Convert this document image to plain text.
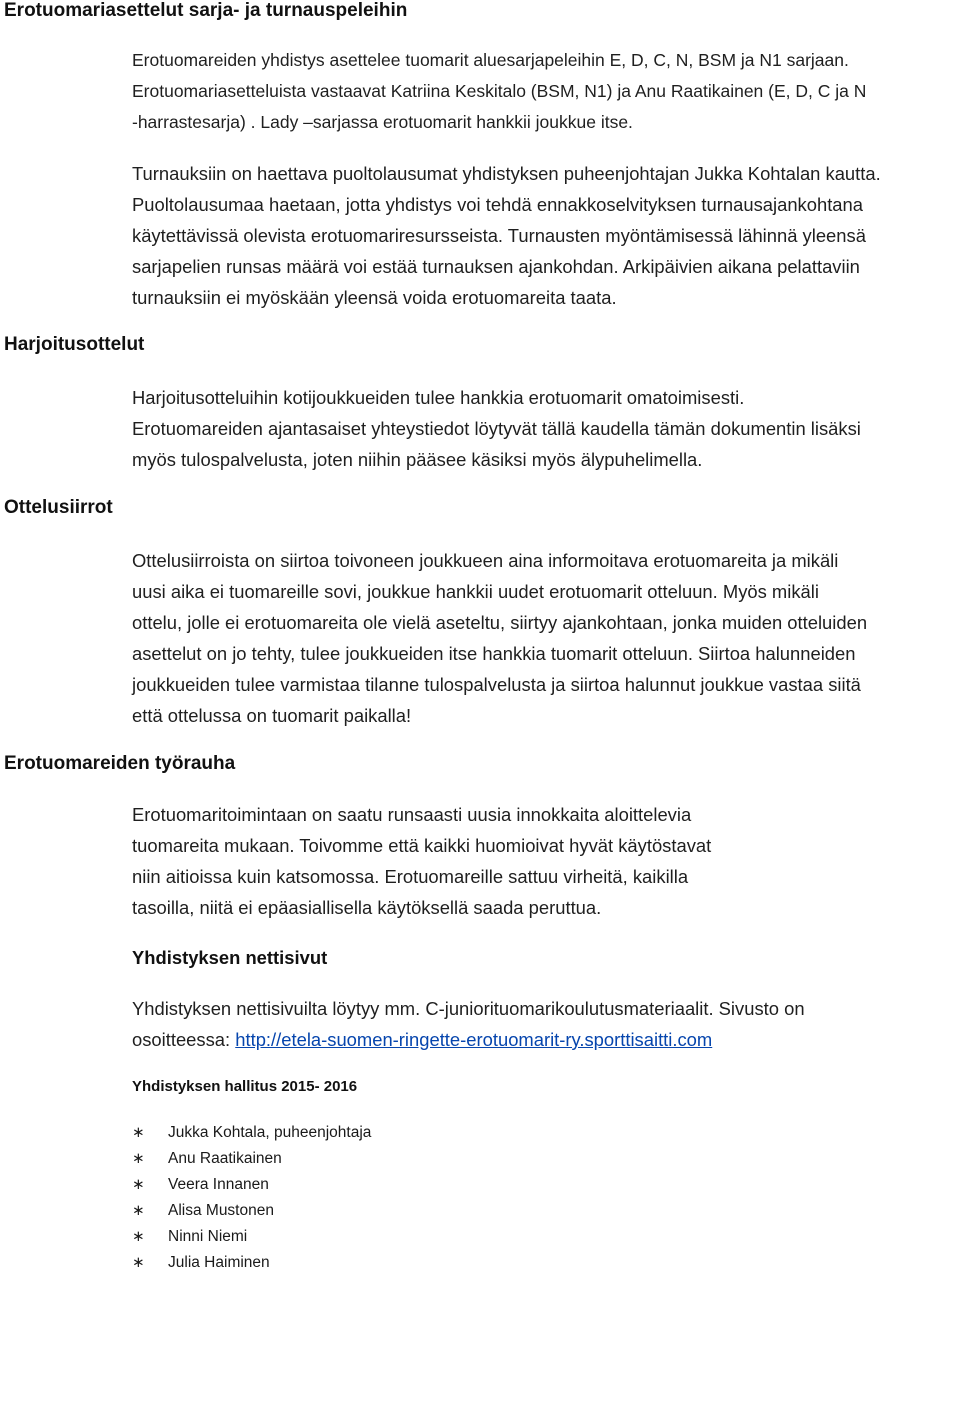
Erotuomariasettelut sarja- ja turnauspeleihin
Erotuomareiden yhdistys asettelee tuomarit aluesarjapeleihin E, D, C, N, BSM ja N1 sarjaan.
Erotuomariasetteluista vastaavat Katriina Keskitalo (BSM, N1) ja Anu Raatikainen (E, D, C ja N
-harrastesarja) . Lady –sarjassa erotuomarit hankkii joukkue itse.
Turnauksiin on haettava puoltolausumat yhdistyksen puheenjohtajan Jukka Kohtalan kautta.
Puoltolausumaa haetaan, jotta yhdistys voi tehdä ennakkoselvityksen turnausajankohtana
käytettävissä olevista erotuomariresursseista. Turnausten myöntämisessä lähinnä yleensä
sarjapelien runsas määrä voi estää turnauksen ajankohdan. Arkipäivien aikana pelattaviin
turnauksiin ei myöskään yleensä voida erotuomareita taata.
Harjoitusottelut
Harjoitusotteluihin kotijoukkueiden tulee hankkia erotuomarit omatoimisesti.
Erotuomareiden ajantasaiset yhteystiedot löytyvät tällä kaudella tämän dokumentin lisäksi
myös tulospalvelusta, joten niihin pääsee käsiksi myös älypuhelimella.
Ottelusiirrot
Ottelusiirroista on siirtoa toivoneen joukkueen aina informoitava erotuomareita ja mikäli
uusi aika ei tuomareille sovi, joukkue hankkii uudet erotuomarit otteluun. Myös mikäli
ottelu, jolle ei erotuomareita ole vielä aseteltu, siirtyy ajankohtaan, jonka muiden otteluiden
asettelut on jo tehty, tulee joukkueiden itse hankkia tuomarit otteluun. Siirtoa halunneiden
joukkueiden tulee varmistaa tilanne tulospalvelusta ja siirtoa halunnut joukkue vastaa siitä
että ottelussa on tuomarit paikalla!
Erotuomareiden työrauha
Erotuomaritoimintaan on saatu runsaasti uusia innokkaita aloittelevia
tuomareita mukaan. Toivomme että kaikki huomioivat hyvät käytöstavat
niin aitioissa kuin katsomossa. Erotuomareille sattuu virheitä, kaikilla
tasoilla, niitä ei epäasiallisella käytöksellä saada peruttua.
Yhdistyksen nettisivut
Yhdistyksen nettisivuilta löytyy mm. C-juniorituomarikoulutusmateriaalit. Sivusto on
osoitteessa: http://etela-suomen-ringette-erotuomarit-ry.sporttisaitti.com
Yhdistyksen hallitus 2015- 2016
∗ Jukka Kohtala, puheenjohtaja
∗ Anu Raatikainen
∗ Veera Innanen
∗ Alisa Mustonen
∗ Ninni Niemi
∗ Julia Haiminen
